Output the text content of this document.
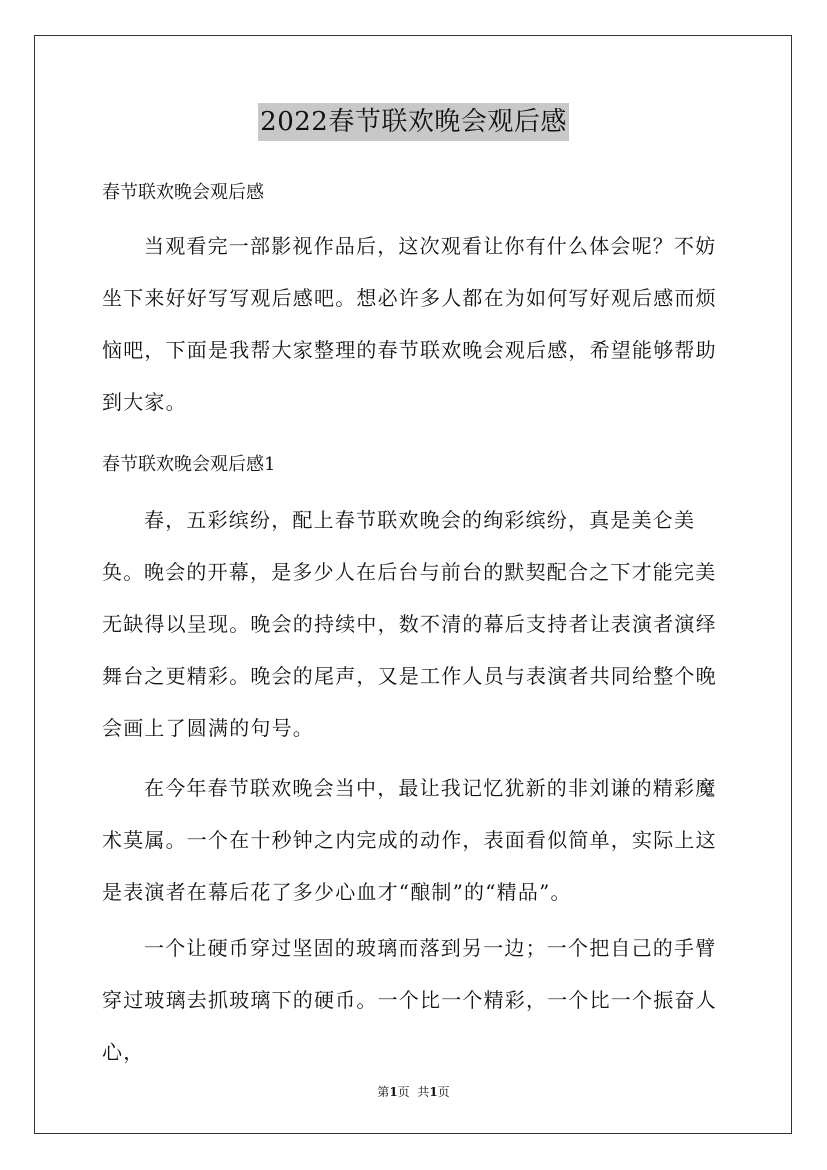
2022春节联欢晚会观后感
春节联欢晚会观后感

当观看完一部影视作品后，这次观看让你有什么体会呢？不妨坐下来好好写写观后感吧。想必许多人都在为如何写好观后感而烦恼吧，下面是我帮大家整理的春节联欢晚会观后感，希望能够帮助到大家。

春节联欢晚会观后感1

春，五彩缤纷，配上春节联欢晚会的绚彩缤纷，真是美仑美奂。 晚会的开幕，是多少人在后台与前台的默契配合之下才能完美无缺得以呈现。晚会的持续中，数不清的幕后支持者让表演者演绎舞台之更精彩。晚会的尾声，又是工作人员与表演者共同给整个晚会画上了圆满的句号。

在今年春节联欢晚会当中，最让我记忆犹新的非刘谦的精彩魔术莫属。一个在十秒钟之内完成的动作，表面看似简单，实际上这是表演者在幕后花了多少心血才“酿制”的“精品”。

一个让硬币穿过坚固的玻璃而落到另一边；一个把自己的手臂穿过玻璃去抓玻璃下的硬币。一个比一个精彩，一个比一个振奋人心，

第1页  共1页
